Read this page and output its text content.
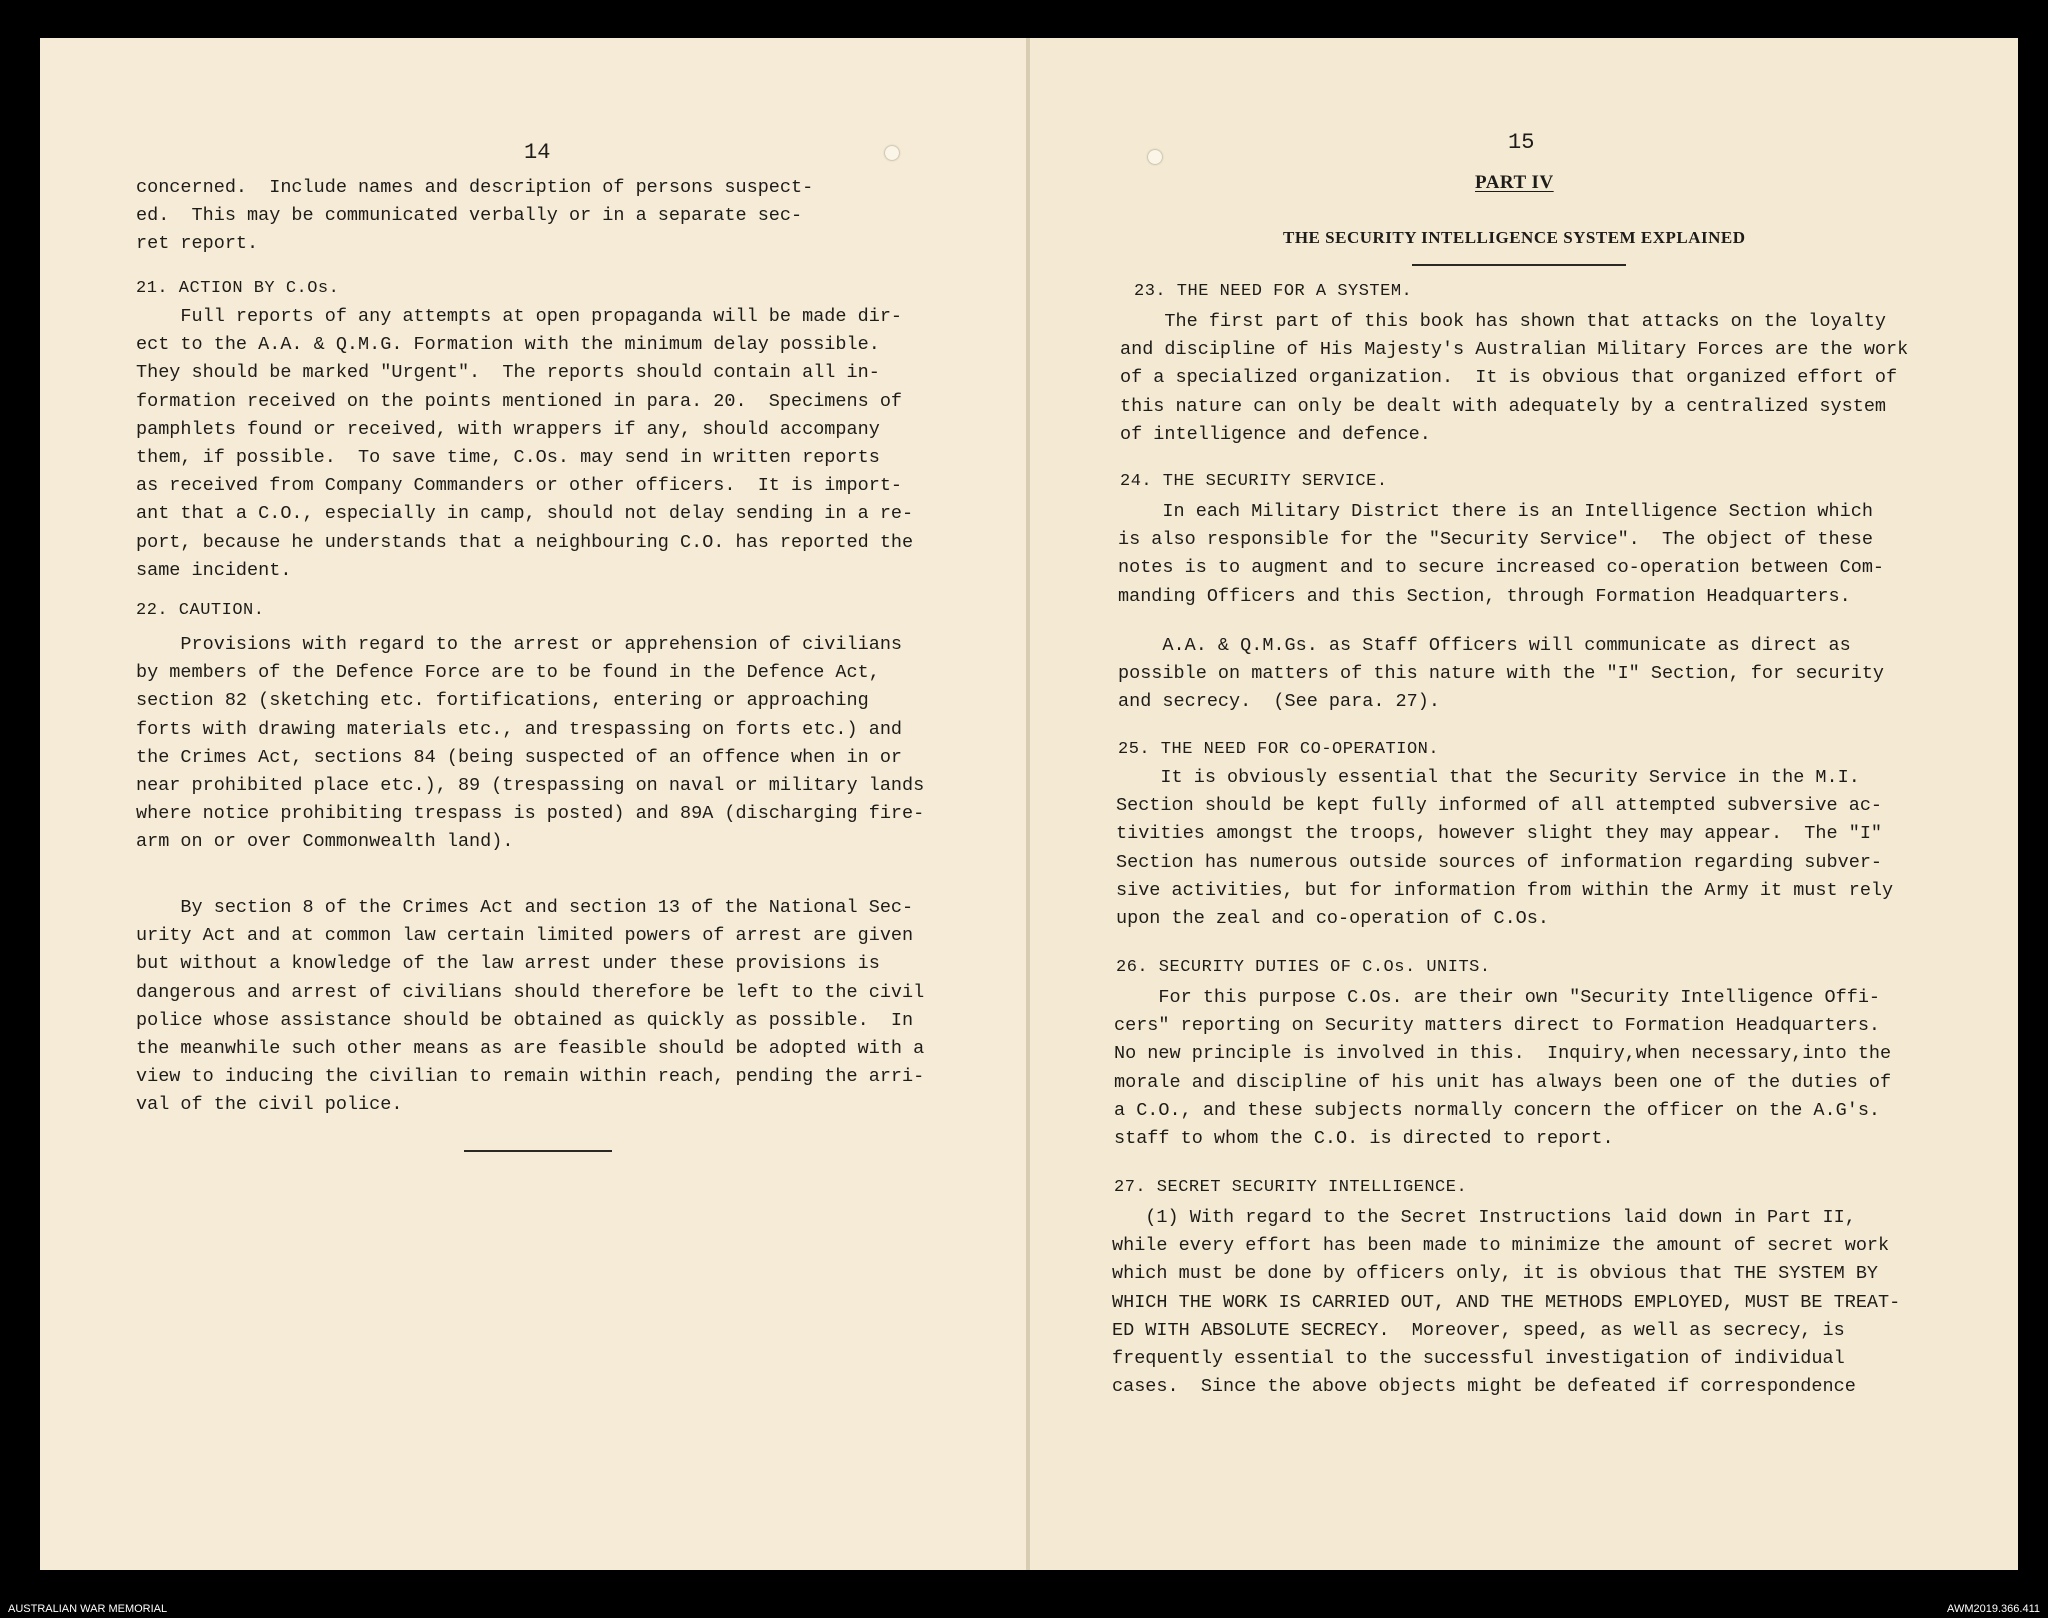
14
concerned.  Include names and description of persons suspect-
ed.  This may be communicated verbally or in a separate sec-
ret report.
21. ACTION BY C.Os.
Full reports of any attempts at open propaganda will be made dir-
ect to the A.A. & Q.M.G. Formation with the minimum delay possible.
They should be marked "Urgent".  The reports should contain all in-
formation received on the points mentioned in para. 20.  Specimens of
pamphlets found or received, with wrappers if any, should accompany
them, if possible.  To save time, C.Os. may send in written reports
as received from Company Commanders or other officers.  It is import-
ant that a C.O., especially in camp, should not delay sending in a re-
port, because he understands that a neighbouring C.O. has reported the
same incident.
22. CAUTION.
Provisions with regard to the arrest or apprehension of civilians
by members of the Defence Force are to be found in the Defence Act,
section 82 (sketching etc. fortifications, entering or approaching
forts with drawing materials etc., and trespassing on forts etc.) and
the Crimes Act, sections 84 (being suspected of an offence when in or
near prohibited place etc.), 89 (trespassing on naval or military lands
where notice prohibiting trespass is posted) and 89A (discharging fire-
arm on or over Commonwealth land).
By section 8 of the Crimes Act and section 13 of the National Sec-
urity Act and at common law certain limited powers of arrest are given
but without a knowledge of the law arrest under these provisions is
dangerous and arrest of civilians should therefore be left to the civil
police whose assistance should be obtained as quickly as possible.  In
the meanwhile such other means as are feasible should be adopted with a
view to inducing the civilian to remain within reach, pending the arri-
val of the civil police.
15
PART IV
THE SECURITY INTELLIGENCE SYSTEM EXPLAINED
23. THE NEED FOR A SYSTEM.
The first part of this book has shown that attacks on the loyalty
and discipline of His Majesty's Australian Military Forces are the work
of a specialized organization.  It is obvious that organized effort of
this nature can only be dealt with adequately by a centralized system
of intelligence and defence.
24. THE SECURITY SERVICE.
In each Military District there is an Intelligence Section which
is also responsible for the "Security Service".  The object of these
notes is to augment and to secure increased co-operation between Com-
manding Officers and this Section, through Formation Headquarters.
A.A. & Q.M.Gs. as Staff Officers will communicate as direct as
possible on matters of this nature with the "I" Section, for security
and secrecy.  (See para. 27).
25. THE NEED FOR CO-OPERATION.
It is obviously essential that the Security Service in the M.I.
Section should be kept fully informed of all attempted subversive ac-
tivities amongst the troops, however slight they may appear.  The "I"
Section has numerous outside sources of information regarding subver-
sive activities, but for information from within the Army it must rely
upon the zeal and co-operation of C.Os.
26. SECURITY DUTIES OF C.Os. UNITS.
For this purpose C.Os. are their own "Security Intelligence Offi-
cers" reporting on Security matters direct to Formation Headquarters.
No new principle is involved in this.  Inquiry,when necessary,into the
morale and discipline of his unit has always been one of the duties of
a C.O., and these subjects normally concern the officer on the A.G's.
staff to whom the C.O. is directed to report.
27. SECRET SECURITY INTELLIGENCE.
(1) With regard to the Secret Instructions laid down in Part II,
while every effort has been made to minimize the amount of secret work
which must be done by officers only, it is obvious that THE SYSTEM BY
WHICH THE WORK IS CARRIED OUT, AND THE METHODS EMPLOYED, MUST BE TREAT-
ED WITH ABSOLUTE SECRECY.  Moreover, speed, as well as secrecy, is
frequently essential to the successful investigation of individual
cases.  Since the above objects might be defeated if correspondence
AUSTRALIAN WAR MEMORIAL	AWM2019.366.411
